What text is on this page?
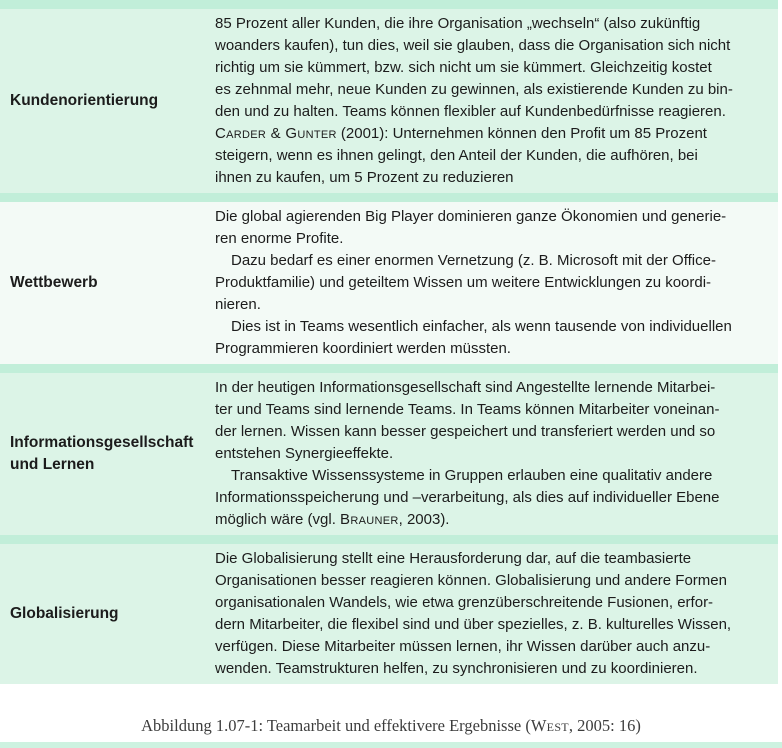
Kundenorientierung
85 Prozent aller Kunden, die ihre Organisation „wechseln“ (also zukünftig
woanders kaufen), tun dies, weil sie glauben, dass die Organisation sich nicht
richtig um sie kümmert, bzw. sich nicht um sie kümmert. Gleichzeitig kostet
es zehnmal mehr, neue Kunden zu gewinnen, als existierende Kunden zu bin-
den und zu halten. Teams können flexibler auf Kundenbedürfnisse reagieren.
Carder & Gunter (2001): Unternehmen können den Profit um 85 Prozent
steigern, wenn es ihnen gelingt, den Anteil der Kunden, die aufhören, bei
ihnen zu kaufen, um 5 Prozent zu reduzieren
Wettbewerb
Die global agierenden Big Player dominieren ganze Ökonomien und generie-
ren enorme Profite.
Dazu bedarf es einer enormen Vernetzung (z. B. Microsoft mit der Office-
Produktfamilie) und geteiltem Wissen um weitere Entwicklungen zu koordi-
nieren.
Dies ist in Teams wesentlich einfacher, als wenn tausende von individuellen
Programmieren koordiniert werden müssten.
Informationsgesellschaft und Lernen
In der heutigen Informationsgesellschaft sind Angestellte lernende Mitarbei-
ter und Teams sind lernende Teams. In Teams können Mitarbeiter voneinan-
der lernen. Wissen kann besser gespeichert und transferiert werden und so
entstehen Synergieeffekte.
Transaktive Wissenssysteme in Gruppen erlauben eine qualitativ andere
Informationsspeicherung und –verarbeitung, als dies auf individueller Ebene
möglich wäre (vgl. Brauner, 2003).
Globalisierung
Die Globalisierung stellt eine Herausforderung dar, auf die teambasierte
Organisationen besser reagieren können. Globalisierung und andere Formen
organisationalen Wandels, wie etwa grenzüberschreitende Fusionen, erfor-
dern Mitarbeiter, die flexibel sind und über spezielles, z. B. kulturelles Wissen,
verfügen. Diese Mitarbeiter müssen lernen, ihr Wissen darüber auch anzu-
wenden. Teamstrukturen helfen, zu synchronisieren und zu koordinieren.
Abbildung 1.07-1: Teamarbeit und effektivere Ergebnisse (West, 2005: 16)
